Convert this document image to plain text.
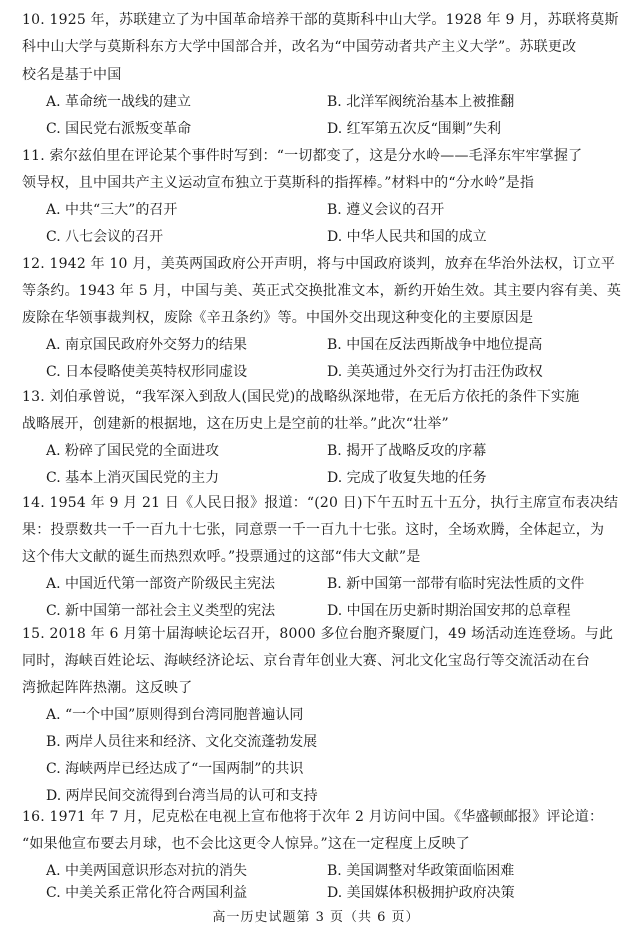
10. 1925 年，苏联建立了为中国革命培养干部的莫斯科中山大学。1928 年 9 月，苏联将莫斯
科中山大学与莫斯科东方大学中国部合并，改名为“中国劳动者共产主义大学”。苏联更改
校名是基于中国
A. 革命统一战线的建立	B. 北洋军阀统治基本上被推翻
C. 国民党右派叛变革命	D. 红军第五次反“围剿”失利
11. 索尔兹伯里在评论某个事件时写到：“一切都变了，这是分水岭——毛泽东牢牢掌握了
领导权，且中国共产主义运动宣布独立于莫斯科的指挥棒。”材料中的“分水岭”是指
A. 中共“三大”的召开	B. 遵义会议的召开
C. 八七会议的召开	D. 中华人民共和国的成立
12. 1942 年 10 月，美英两国政府公开声明，将与中国政府谈判，放弃在华治外法权，订立平
等条约。1943 年 5 月，中国与美、英正式交换批准文本，新约开始生效。其主要内容有美、英
废除在华领事裁判权，废除《辛丑条约》等。中国外交出现这种变化的主要原因是
A. 南京国民政府外交努力的结果	B. 中国在反法西斯战争中地位提高
C. 日本侵略使美英特权形同虚设	D. 美英通过外交行为打击汪伪政权
13. 刘伯承曾说，“我军深入到敌人(国民党)的战略纵深地带，在无后方依托的条件下实施
战略展开，创建新的根据地，这在历史上是空前的壮举。”此次“壮举”
A. 粉碎了国民党的全面进攻	B. 揭开了战略反攻的序幕
C. 基本上消灭国民党的主力	D. 完成了收复失地的任务
14. 1954 年 9 月 21 日《人民日报》报道：“(20 日)下午五时五十五分，执行主席宣布表决结
果：投票数共一千一百九十七张，同意票一千一百九十七张。这时，全场欢腾，全体起立，为
这个伟大文献的诞生而热烈欢呼。”投票通过的这部“伟大文献”是
A. 中国近代第一部资产阶级民主宪法	B. 新中国第一部带有临时宪法性质的文件
C. 新中国第一部社会主义类型的宪法	D. 中国在历史新时期治国安邦的总章程
15. 2018 年 6 月第十届海峡论坛召开，8000 多位台胞齐聚厦门，49 场活动连连登场。与此
同时，海峡百姓论坛、海峡经济论坛、京台青年创业大赛、河北文化宝岛行等交流活动在台
湾掀起阵阵热潮。这反映了
A. “一个中国”原则得到台湾同胞普遍认同
B. 两岸人员往来和经济、文化交流蓬勃发展
C. 海峡两岸已经达成了“一国两制”的共识
D. 两岸民间交流得到台湾当局的认可和支持
16. 1971 年 7 月，尼克松在电视上宣布他将于次年 2 月访问中国。《华盛顿邮报》评论道：
“如果他宣布要去月球，也不会比这更令人惊异。”这在一定程度上反映了
A. 中美两国意识形态对抗的消失	B. 美国调整对华政策面临困难
高一历史试题第 3 页（共 6 页）
C. 中美关系正常化符合两国利益	D. 美国媒体积极拥护政府决策
